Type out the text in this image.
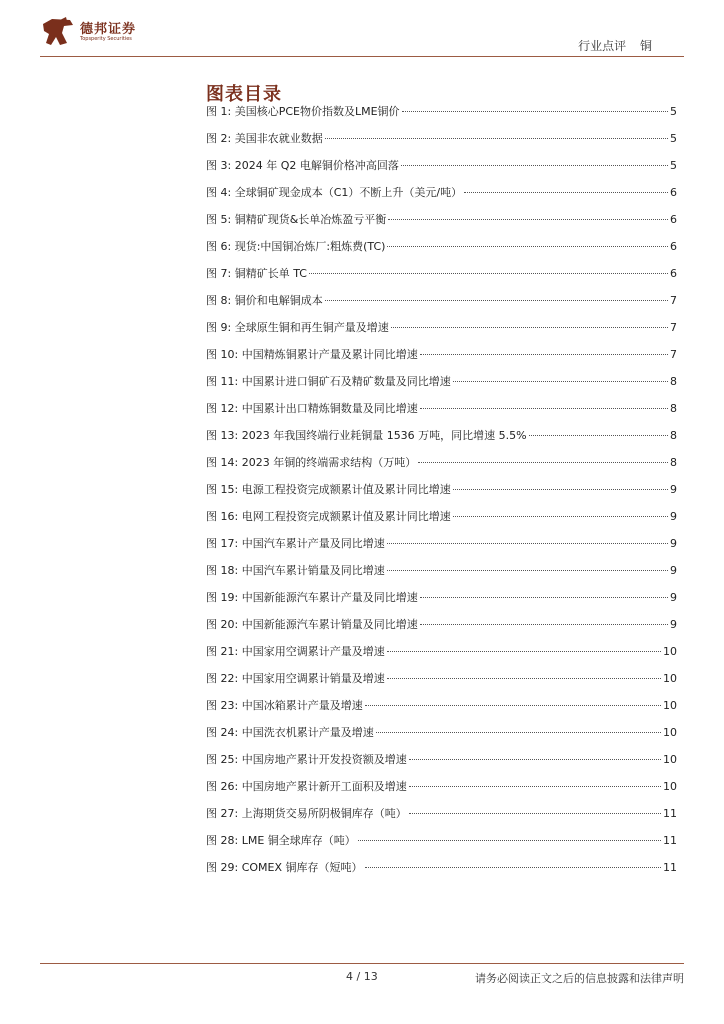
德邦证券
Topsperity Securities	行业点评 铜
图表目录
图 1: 美国核心PCE物价指数及LME铜价	5
图 2: 美国非农就业数据	5
图 3: 2024 年 Q2 电解铜价格冲高回落	5
图 4: 全球铜矿现金成本（C1）不断上升（美元/吨）	6
图 5: 铜精矿现货&长单冶炼盈亏平衡	6
图 6: 现货:中国铜冶炼厂:粗炼费(TC)	6
图 7: 铜精矿长单 TC	6
图 8: 铜价和电解铜成本	7
图 9: 全球原生铜和再生铜产量及增速	7
图 10: 中国精炼铜累计产量及累计同比增速	7
图 11: 中国累计进口铜矿石及精矿数量及同比增速	8
图 12: 中国累计出口精炼铜数量及同比增速	8
图 13: 2023 年我国终端行业耗铜量 1536 万吨，同比增速 5.5%	8
图 14: 2023 年铜的终端需求结构（万吨）	8
图 15: 电源工程投资完成额累计值及累计同比增速	9
图 16: 电网工程投资完成额累计值及累计同比增速	9
图 17: 中国汽车累计产量及同比增速	9
图 18: 中国汽车累计销量及同比增速	9
图 19: 中国新能源汽车累计产量及同比增速	9
图 20: 中国新能源汽车累计销量及同比增速	9
图 21: 中国家用空调累计产量及增速	10
图 22: 中国家用空调累计销量及增速	10
图 23: 中国冰箱累计产量及增速	10
图 24: 中国洗衣机累计产量及增速	10
图 25: 中国房地产累计开发投资额及增速	10
图 26: 中国房地产累计新开工面积及增速	10
图 27: 上海期货交易所阴极铜库存（吨）	11
图 28: LME 铜全球库存（吨）	11
图 29: COMEX 铜库存（短吨）	11
4 / 13	请务必阅读正文之后的信息披露和法律声明
